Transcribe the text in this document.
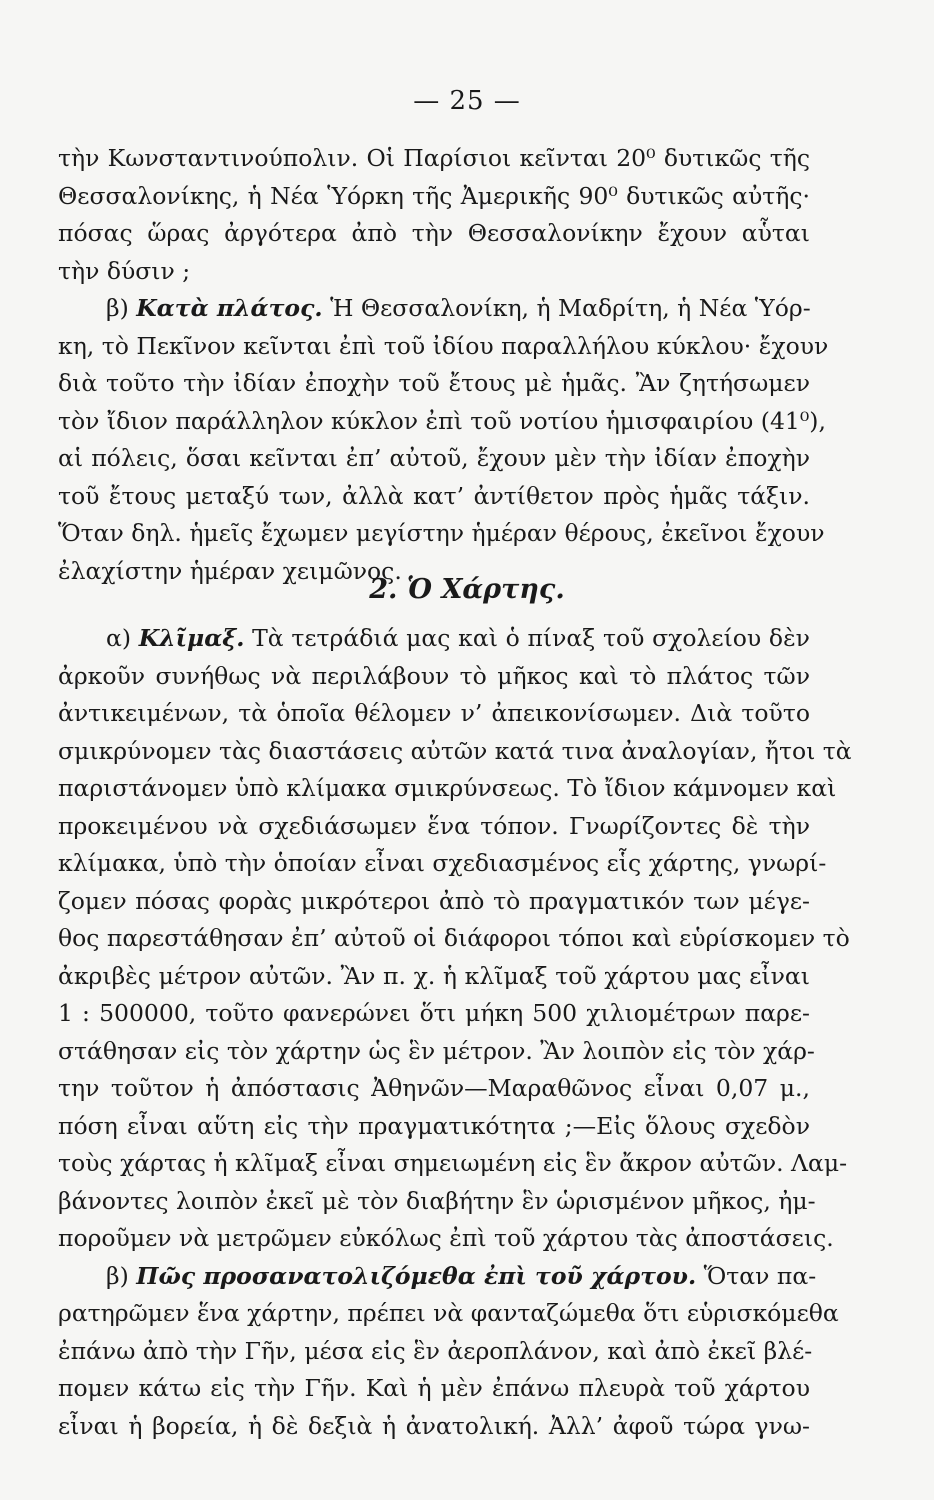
— 25 —
τὴν Κωνσταντινούπολιν. Οἱ Παρίσιοι κεῖνται 20⁰ δυτικῶς τῆς
Θεσσαλονίκης, ἡ Νέα Ὑόρκη τῆς Ἀμερικῆς 90⁰ δυτικῶς αὐτῆς·
πόσας ὥρας ἀργότερα ἀπὸ τὴν Θεσσαλονίκην ἔχουν αὗται
τὴν δύσιν ;
β) Κατὰ πλάτος. Ἡ Θεσσαλονίκη, ἡ Μαδρίτη, ἡ Νέα Ὑόρ-
κη, τὸ Πεκῖνον κεῖνται ἐπὶ τοῦ ἰδίου παραλλήλου κύκλου· ἔχουν
διὰ τοῦτο τὴν ἰδίαν ἐποχὴν τοῦ ἔτους μὲ ἡμᾶς. Ἂν ζητήσωμεν
τὸν ἴδιον παράλληλον κύκλον ἐπὶ τοῦ νοτίου ἡμισφαιρίου (41⁰),
αἱ πόλεις, ὅσαι κεῖνται ἐπ’ αὐτοῦ, ἔχουν μὲν τὴν ἰδίαν ἐποχὴν
τοῦ ἔτους μεταξύ των, ἀλλὰ κατ’ ἀντίθετον πρὸς ἡμᾶς τάξιν.
Ὅταν δηλ. ἡμεῖς ἔχωμεν μεγίστην ἡμέραν θέρους, ἐκεῖνοι ἔχουν
ἐλαχίστην ἡμέραν χειμῶνος.
2. Ὁ Χάρτης.
α) Κλῖμαξ. Τὰ τετράδιά μας καὶ ὁ πίναξ τοῦ σχολείου δὲν
ἀρκοῦν συνήθως νὰ περιλάβουν τὸ μῆκος καὶ τὸ πλάτος τῶν
ἀντικειμένων, τὰ ὁποῖα θέλομεν ν’ ἀπεικονίσωμεν. Διὰ τοῦτο
σμικρύνομεν τὰς διαστάσεις αὐτῶν κατά τινα ἀναλογίαν, ἤτοι τὰ
παριστάνομεν ὑπὸ κλίμακα σμικρύνσεως. Τὸ ἴδιον κάμνομεν καὶ
προκειμένου νὰ σχεδιάσωμεν ἕνα τόπον. Γνωρίζοντες δὲ τὴν
κλίμακα, ὑπὸ τὴν ὁποίαν εἶναι σχεδιασμένος εἷς χάρτης, γνωρί-
ζομεν πόσας φορὰς μικρότεροι ἀπὸ τὸ πραγματικόν των μέγε-
θος παρεστάθησαν ἐπ’ αὐτοῦ οἱ διάφοροι τόποι καὶ εὑρίσκομεν τὸ
ἀκριβὲς μέτρον αὐτῶν. Ἂν π. χ. ἡ κλῖμαξ τοῦ χάρτου μας εἶναι
1 : 500000, τοῦτο φανερώνει ὅτι μήκη 500 χιλιομέτρων παρε-
στάθησαν εἰς τὸν χάρτην ὡς ἓν μέτρον. Ἂν λοιπὸν εἰς τὸν χάρ-
την τοῦτον ἡ ἀπόστασις Ἀθηνῶν—Μαραθῶνος εἶναι 0,07 μ.,
πόση εἶναι αὕτη εἰς τὴν πραγματικότητα ;—Εἰς ὅλους σχεδὸν
τοὺς χάρτας ἡ κλῖμαξ εἶναι σημειωμένη εἰς ἓν ἄκρον αὐτῶν. Λαμ-
βάνοντες λοιπὸν ἐκεῖ μὲ τὸν διαβήτην ἓν ὡρισμένον μῆκος, ἠμ-
ποροῦμεν νὰ μετρῶμεν εὐκόλως ἐπὶ τοῦ χάρτου τὰς ἀποστάσεις.
β) Πῶς προσανατολιζόμεθα ἐπὶ τοῦ χάρτου. Ὅταν πα-
ρατηρῶμεν ἕνα χάρτην, πρέπει νὰ φανταζώμεθα ὅτι εὑρισκόμεθα
ἐπάνω ἀπὸ τὴν Γῆν, μέσα εἰς ἓν ἀεροπλάνον, καὶ ἀπὸ ἐκεῖ βλέ-
πομεν κάτω εἰς τὴν Γῆν. Καὶ ἡ μὲν ἐπάνω πλευρὰ τοῦ χάρτου
εἶναι ἡ βορεία, ἡ δὲ δεξιὰ ἡ ἀνατολική. Ἀλλ’ ἀφοῦ τώρα γνω-
